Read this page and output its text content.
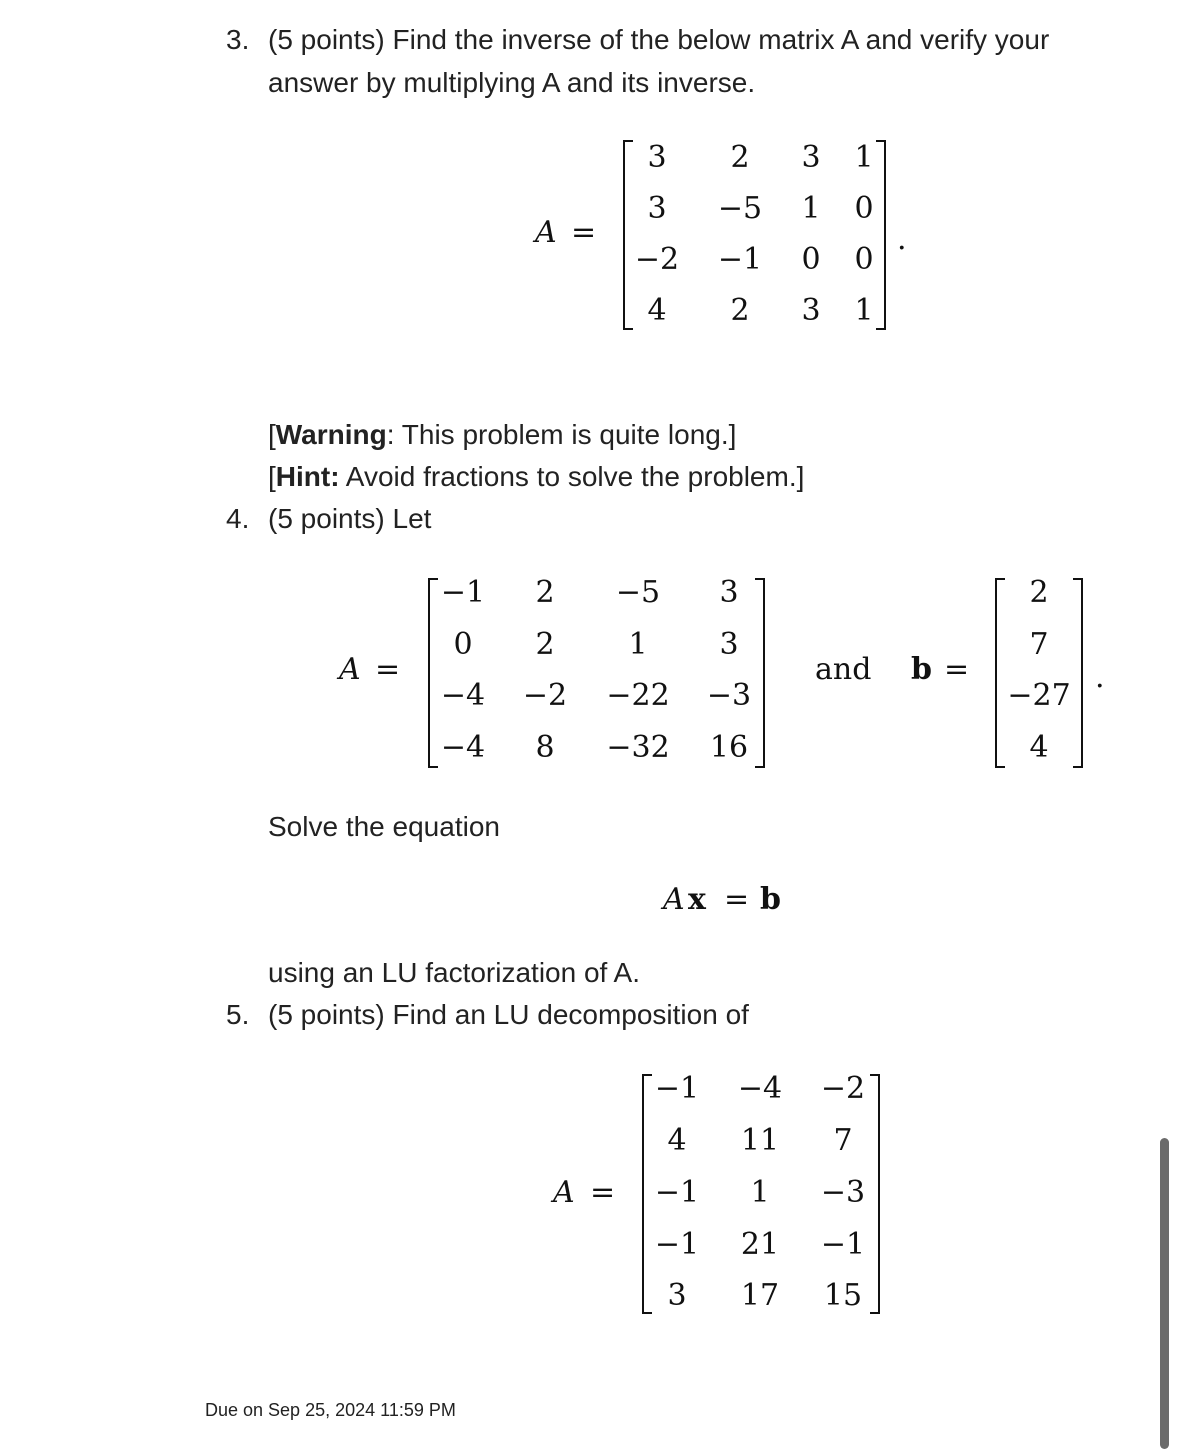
3. (5 points) Find the inverse of the below matrix A and verify your
answer by multiplying A and its inverse.
A =
3	2	3	1
3	−5	1	0
−2	−1	0	0
4	2	3	1
.
[Warning: This problem is quite long.]
[Hint: Avoid fractions to solve the problem.]
4. (5 points) Let
A =
−1	2	−5	3
0	2	1	3
−4	−2	−22	−3
−4	8	−32	16
and b =
2
7
−27
4
.
Solve the equation
A x = b
using an LU factorization of A.
5. (5 points) Find an LU decomposition of
A =
−1	−4	−2
4	11	7
−1	1	−3
−1	21	−1
3	17	15
Due on Sep 25, 2024 11:59 PM
